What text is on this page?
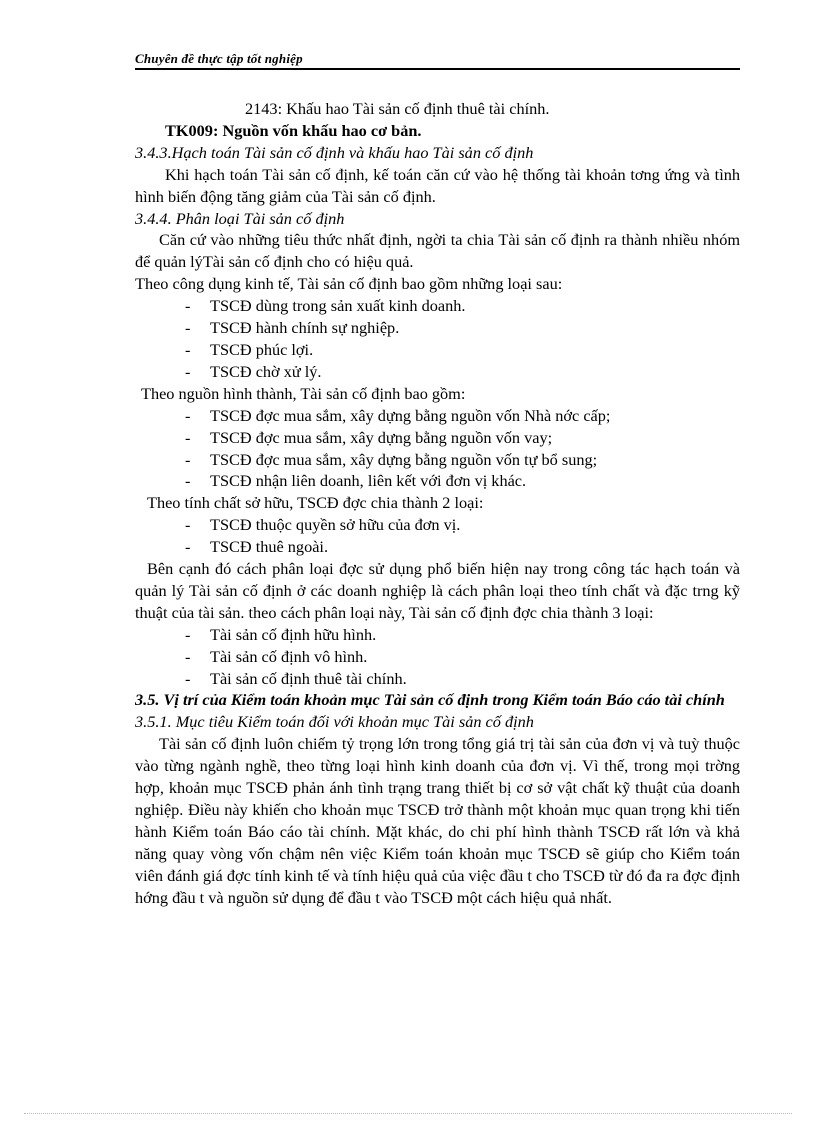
Chuyên đề thực tập tốt nghiệp

2143: Khấu hao Tài sản cố định thuê tài chính.

TK009: Nguồn vốn khấu hao cơ bản.

3.4.3.Hạch toán Tài sản cố định và khấu hao Tài sản cố định

Khi hạch toán Tài sản cố định, kế toán căn cứ vào hệ thống tài khoản tơng ứng và tình hình biến động tăng giảm của Tài sản cố định.

3.4.4. Phân loại Tài sản cố định

Căn cứ vào những tiêu thức nhất định, ngời ta chia Tài sản cố định ra thành nhiều nhóm để quản lýTài sản cố định cho có hiệu quả.

Theo công dụng kinh tế, Tài sản cố định bao gồm những loại sau:

- TSCĐ dùng trong sản xuất kinh doanh.

- TSCĐ hành chính sự nghiệp.

- TSCĐ phúc lợi.

- TSCĐ chờ xử lý.

Theo nguồn hình thành, Tài sản cố định bao gồm:

- TSCĐ đợc mua sắm, xây dựng bằng nguồn vốn Nhà nớc cấp;

- TSCĐ đợc mua sắm, xây dựng bằng nguồn vốn vay;

- TSCĐ đợc mua sắm, xây dựng bằng nguồn vốn tự bổ sung;

- TSCĐ nhận liên doanh, liên kết với đơn vị khác.

Theo tính chất sở hữu, TSCĐ đợc chia thành 2 loại:

- TSCĐ thuộc quyền sở hữu của đơn vị.

- TSCĐ thuê ngoài.

Bên cạnh đó cách phân loại đợc sử dụng phổ biến hiện nay trong công tác hạch toán và quản lý Tài sản cố định ở các doanh nghiệp là cách phân loại theo tính chất và đặc trng kỹ thuật của tài sản. theo cách phân loại này, Tài sản cố định đợc chia thành 3 loại:

- Tài sản cố định hữu hình.

- Tài sản cố định vô hình.

- Tài sản cố định thuê tài chính.

3.5. Vị trí của Kiểm toán khoản mục Tài sản cố định trong Kiểm toán Báo cáo tài chính

3.5.1. Mục tiêu Kiểm toán đối với khoản mục Tài sản cố định

Tài sản cố định luôn chiếm tỷ trọng lớn trong tổng giá trị tài sản của đơn vị và tuỳ thuộc vào từng ngành nghề, theo từng loại hình kinh doanh của đơn vị. Vì thế, trong mọi trờng hợp, khoản mục TSCĐ phản ánh tình trạng trang thiết bị cơ sở vật chất kỹ thuật của doanh nghiệp. Điều này khiến cho khoản mục TSCĐ trở thành một khoản mục quan trọng khi tiến hành Kiểm toán Báo cáo tài chính. Mặt khác, do chi phí hình thành TSCĐ rất lớn và khả năng quay vòng vốn chậm nên việc Kiểm toán khoản mục TSCĐ sẽ giúp cho Kiểm toán viên đánh giá đợc tính kinh tế và tính hiệu quả của việc đầu t cho TSCĐ từ đó đa ra đợc định hớng đầu t và nguồn sử dụng để đầu t vào TSCĐ một cách hiệu quả nhất.
